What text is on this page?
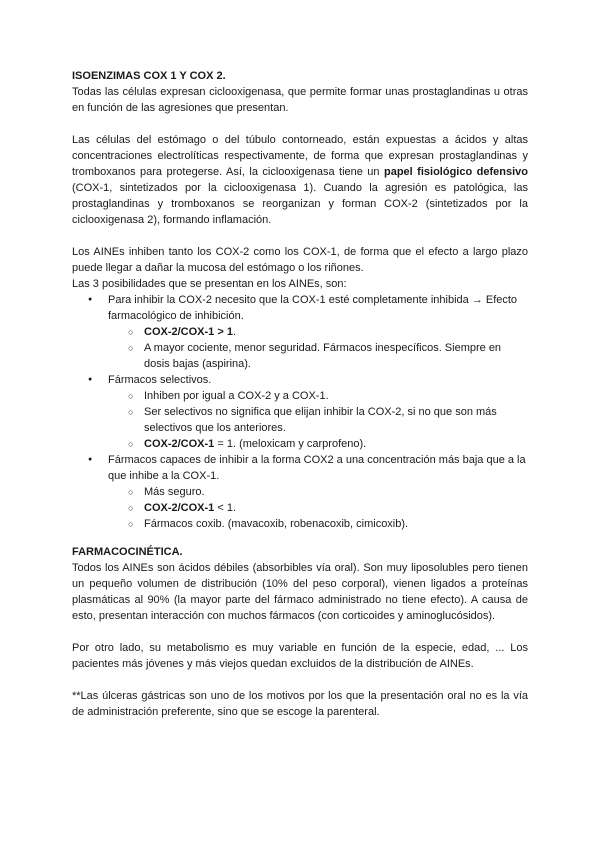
ISOENZIMAS COX 1 Y COX 2.

Todas las células expresan ciclooxigenasa, que permite formar unas prostaglandinas u otras en función de las agresiones que presentan.

Las células del estómago o del túbulo contorneado, están expuestas a ácidos y altas concentraciones electrolíticas respectivamente, de forma que expresan prostaglandinas y tromboxanos para protegerse. Así, la ciclooxigenasa tiene un papel fisiológico defensivo (COX-1, sintetizados por la ciclooxigenasa 1). Cuando la agresión es patológica, las prostaglandinas y tromboxanos se reorganizan y forman COX-2 (sintetizados por la ciclooxigenasa 2), formando inflamación.

Los AINEs inhiben tanto los COX-2 como los COX-1, de forma que el efecto a largo plazo puede llegar a dañar la mucosa del estómago o los riñones.

Las 3 posibilidades que se presentan en los AINEs, son:

● Para inhibir la COX-2 necesito que la COX-1 esté completamente inhibida → Efecto farmacológico de inhibición.
○ COX-2/COX-1 > 1.
○ A mayor cociente, menor seguridad. Fármacos inespecíficos. Siempre en dosis bajas (aspirina).
● Fármacos selectivos.
○ Inhiben por igual a COX-2 y a COX-1.
○ Ser selectivos no significa que elijan inhibir la COX-2, si no que son más selectivos que los anteriores.
○ COX-2/COX-1 = 1. (meloxicam y carprofeno).
● Fármacos capaces de inhibir a la forma COX2 a una concentración más baja que a la que inhibe a la COX-1.
○ Más seguro.
○ COX-2/COX-1 < 1.
○ Fármacos coxib. (mavacoxib, robenacoxib, cimicoxib).
FARMACOCINÉTICA.

Todos los AINEs son ácidos débiles (absorbibles vía oral). Son muy liposolubles pero tienen un pequeño volumen de distribución (10% del peso corporal), vienen ligados a proteínas plasmáticas al 90% (la mayor parte del fármaco administrado no tiene efecto). A causa de esto, presentan interacción con muchos fármacos (con corticoides y aminoglucósidos).

Por otro lado, su metabolismo es muy variable en función de la especie, edad, ... Los pacientes más jóvenes y más viejos quedan excluidos de la distribución de AINEs.

**Las úlceras gástricas son uno de los motivos por los que la presentación oral no es la vía de administración preferente, sino que se escoge la parenteral.
